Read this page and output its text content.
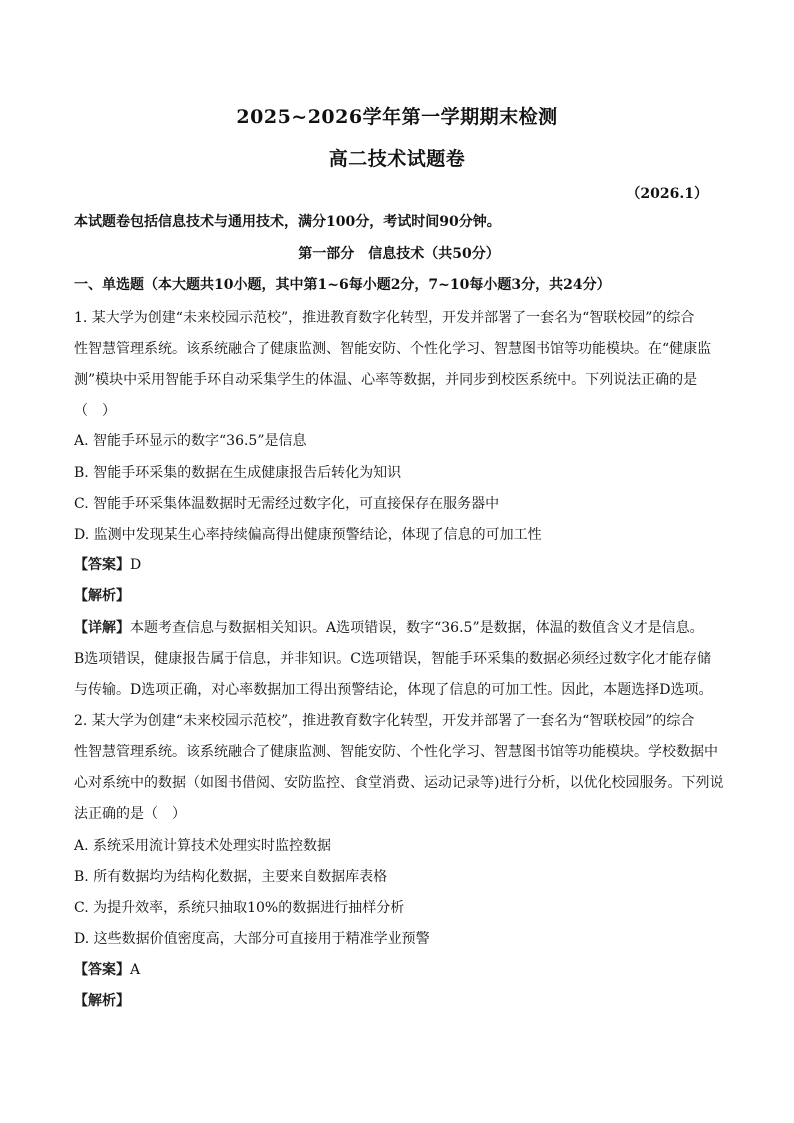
2025~2026学年第一学期期末检测
高二技术试题卷
（2026.1）
本试题卷包括信息技术与通用技术，满分100分，考试时间90分钟。
第一部分　信息技术（共50分）
一、单选题（本大题共10小题，其中第1~6每小题2分，7~10每小题3分，共24分）
1. 某大学为创建“未来校园示范校”，推进教育数字化转型，开发并部署了一套名为“智联校园”的综合
性智慧管理系统。该系统融合了健康监测、智能安防、个性化学习、智慧图书馆等功能模块。在“健康监
测”模块中采用智能手环自动采集学生的体温、心率等数据，并同步到校医系统中。下列说法正确的是
（　）
A. 智能手环显示的数字“36.5”是信息
B. 智能手环采集的数据在生成健康报告后转化为知识
C. 智能手环采集体温数据时无需经过数字化，可直接保存在服务器中
D. 监测中发现某生心率持续偏高得出健康预警结论，体现了信息的可加工性
【答案】D
【解析】
【详解】本题考查信息与数据相关知识。A选项错误，数字“36.5”是数据，体温的数值含义才是信息。
B选项错误，健康报告属于信息，并非知识。C选项错误，智能手环采集的数据必须经过数字化才能存储
与传输。D选项正确，对心率数据加工得出预警结论，体现了信息的可加工性。因此，本题选择D选项。
2. 某大学为创建“未来校园示范校”，推进教育数字化转型，开发并部署了一套名为“智联校园”的综合
性智慧管理系统。该系统融合了健康监测、智能安防、个性化学习、智慧图书馆等功能模块。学校数据中
心对系统中的数据（如图书借阅、安防监控、食堂消费、运动记录等)进行分析，以优化校园服务。下列说
法正确的是（　）
A. 系统采用流计算技术处理实时监控数据
B. 所有数据均为结构化数据，主要来自数据库表格
C. 为提升效率，系统只抽取10%的数据进行抽样分析
D. 这些数据价值密度高，大部分可直接用于精准学业预警
【答案】A
【解析】
